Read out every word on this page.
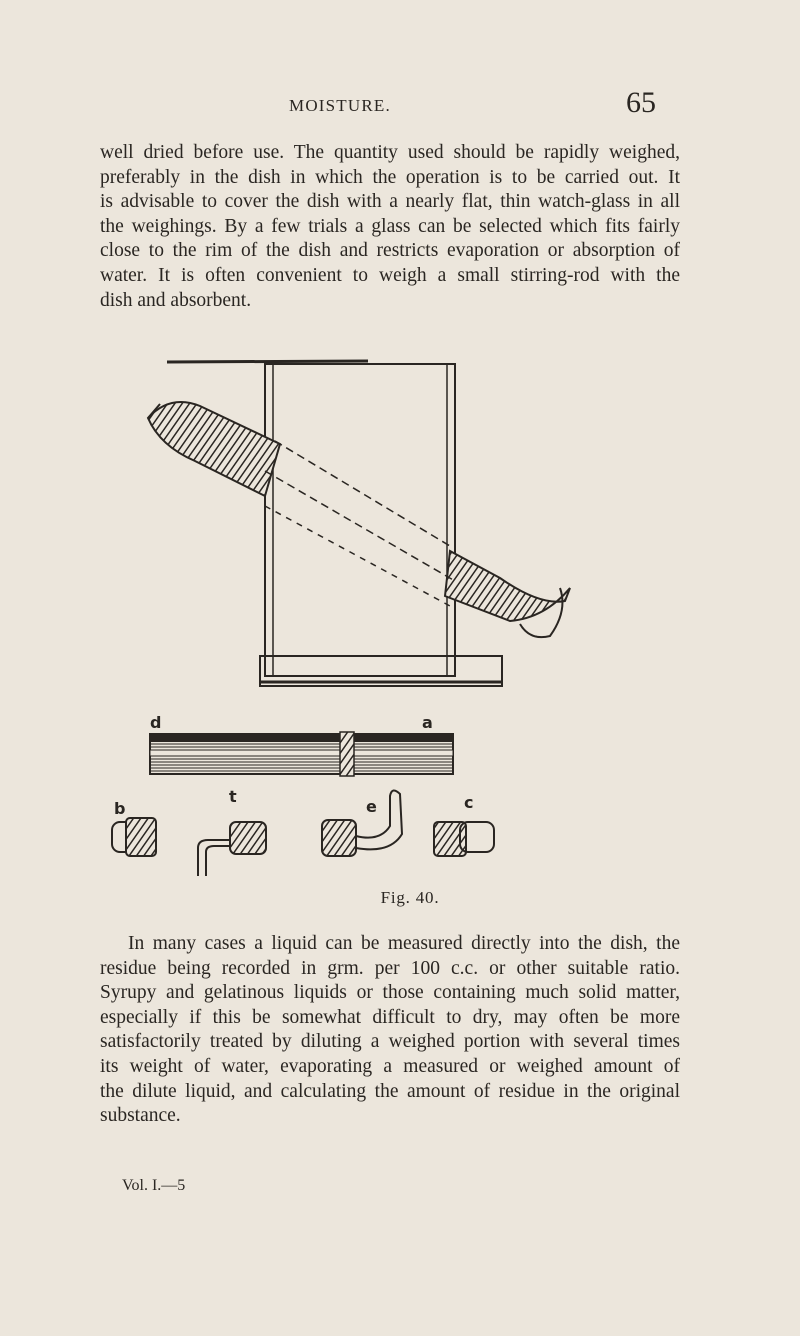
MOISTURE.	65

well dried before use. The quantity used should be rapidly weighed,
preferably in the dish in which the operation is to be carried out. It
is advisable to cover the dish with a nearly flat, thin watch-glass in all
the weighings. By a few trials a glass can be selected which fits fairly
close to the rim of the dish and restricts evaporation or absorption of
water. It is often convenient to weigh a small stirring-rod with the
dish and absorbent.

d	a
b
t
e	c
Fig. 40.

In many cases a liquid can be measured directly into the dish, the
residue being recorded in grm. per 100 c.c. or other suitable ratio.
Syrupy and gelatinous liquids or those containing much solid matter,
especially if this be somewhat difficult to dry, may often be more
satisfactorily treated by diluting a weighed portion with several times
its weight of water, evaporating a measured or weighed amount of
the dilute liquid, and calculating the amount of residue in the original
substance.

Vol. I.—5
